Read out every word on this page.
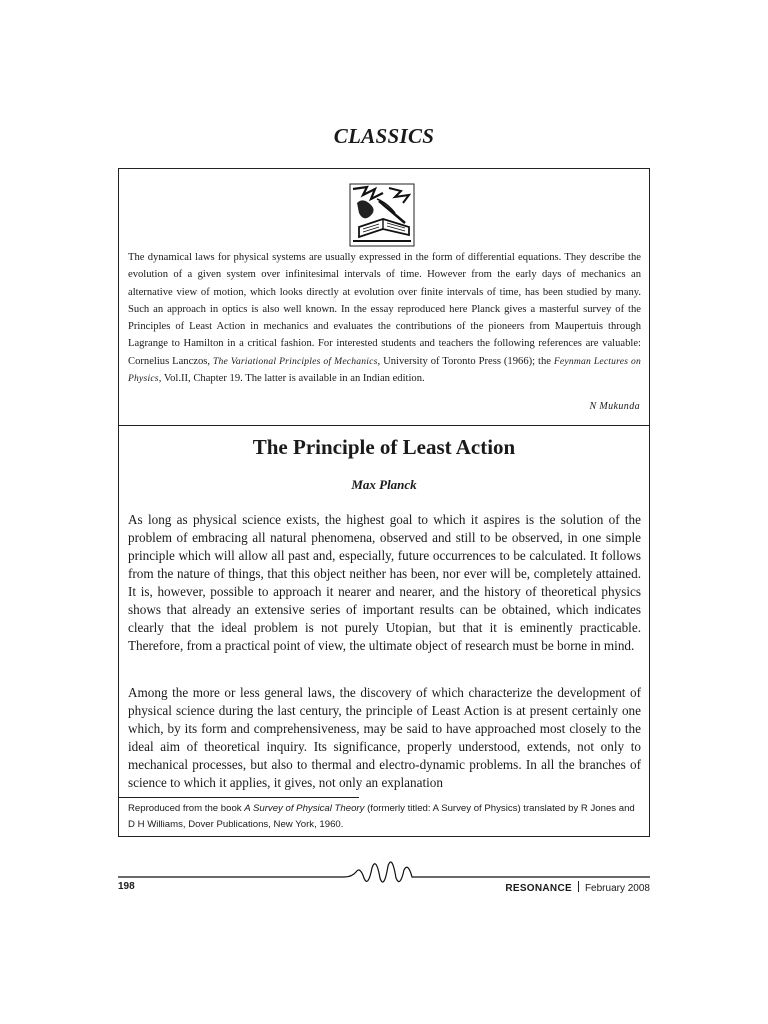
CLASSICS

The dynamical laws for physical systems are usually expressed in the form of differential equations. They describe the evolution of a given system over infinitesimal intervals of time. However from the early days of mechanics an alternative view of motion, which looks directly at evolution over finite intervals of time, has been studied by many. Such an approach in optics is also well known. In the essay reproduced here Planck gives a masterful survey of the Principles of Least Action in mechanics and evaluates the contributions of the pioneers from Maupertuis through Lagrange to Hamilton in a critical fashion. For interested students and teachers the following references are valuable: Cornelius Lanczos, The Variational Principles of Mechanics, University of Toronto Press (1966); the Feynman Lectures on Physics, Vol.II, Chapter 19. The latter is available in an Indian edition.

N Mukunda
The Principle of Least Action
Max Planck

As long as physical science exists, the highest goal to which it aspires is the solution of the problem of embracing all natural phenomena, observed and still to be observed, in one simple principle which will allow all past and, especially, future occurrences to be calculated. It follows from the nature of things, that this object neither has been, nor ever will be, completely attained. It is, however, possible to approach it nearer and nearer, and the history of theoretical physics shows that already an extensive series of important results can be obtained, which indicates clearly that the ideal problem is not purely Utopian, but that it is eminently practicable. Therefore, from a practical point of view, the ultimate object of research must be borne in mind.

Among the more or less general laws, the discovery of which characterize the development of physical science during the last century, the principle of Least Action is at present certainly one which, by its form and comprehensiveness, may be said to have approached most closely to the ideal aim of theoretical inquiry. Its significance, properly understood, extends, not only to mechanical processes, but also to thermal and electro-dynamic problems. In all the branches of science to which it applies, it gives, not only an explanation

Reproduced from the book A Survey of Physical Theory (formerly titled: A Survey of Physics) translated by R Jones and D H Williams, Dover Publications, New York, 1960.

198	RESONANCE February 2008
